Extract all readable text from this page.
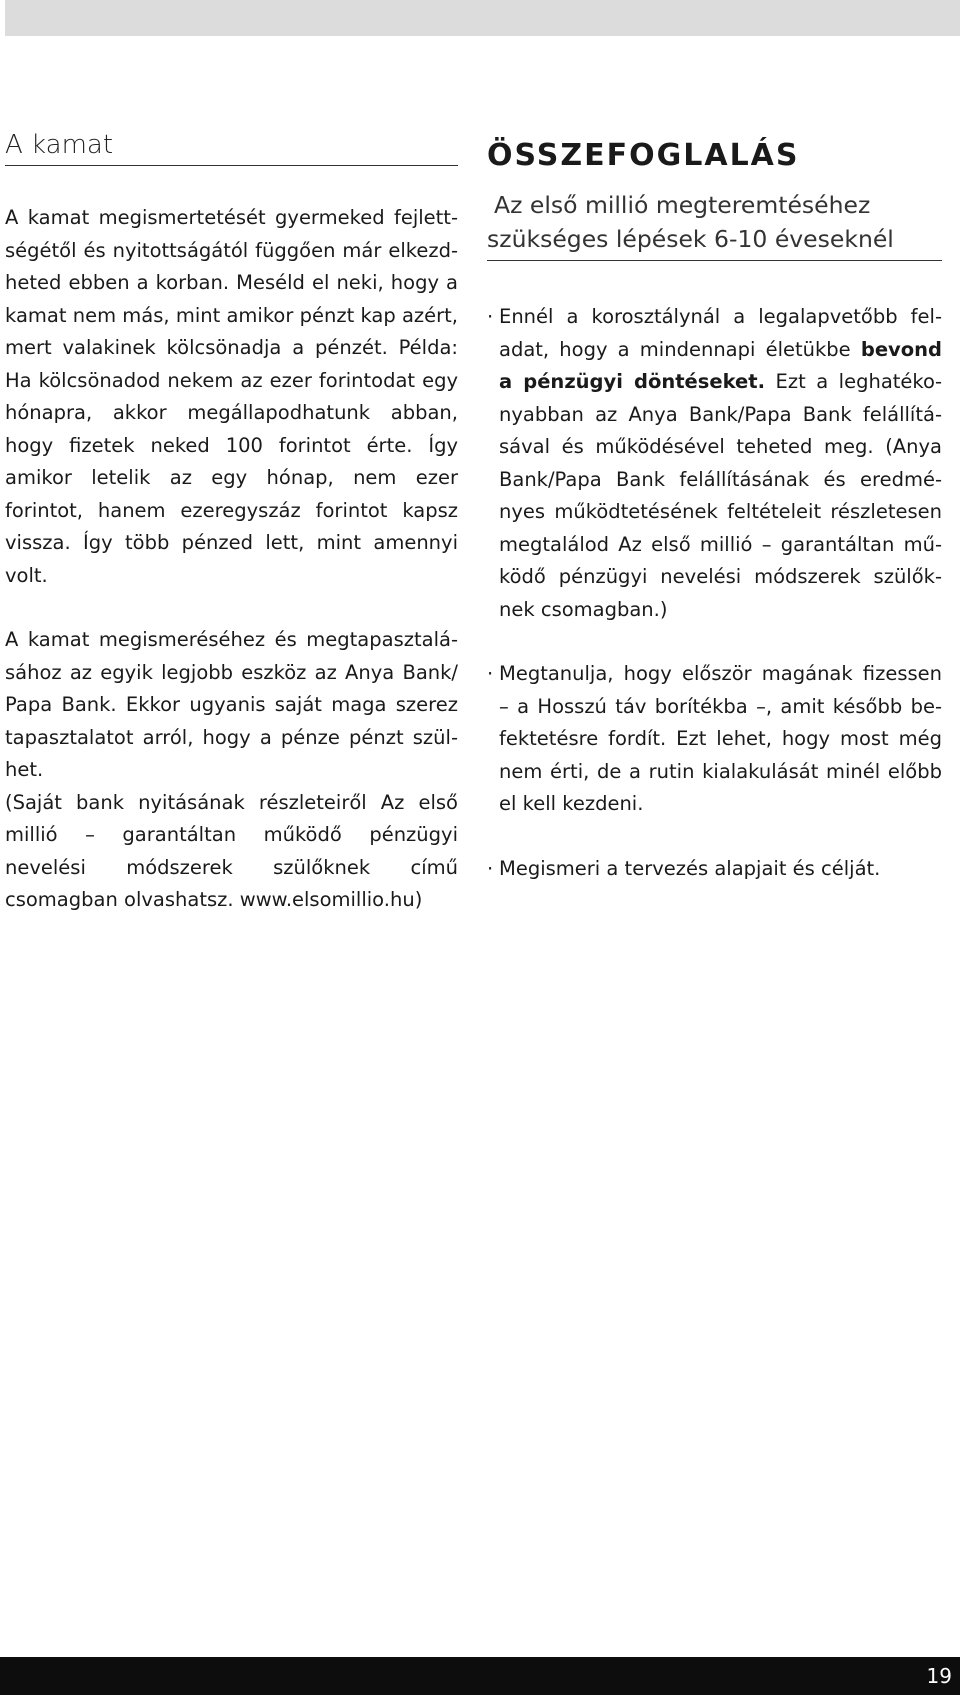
A kamat

A kamat megismertetését gyermeked fejlettségétől és nyitottságától függően már elkezdheted ebben a korban. Meséld el neki, hogy a kamat nem más, mint amikor pénzt kap azért, mert valakinek kölcsönadja a pénzét. Példa: Ha kölcsönadod nekem az ezer forintodat egy hónapra, akkor megállapodhatunk abban, hogy fizetek neked 100 forintot érte. Így amikor letelik az egy hónap, nem ezer forintot, hanem ezeregyszáz forintot kapsz vissza. Így több pénzed lett, mint amennyi volt.

A kamat megismeréséhez és megtapasztalásához az egyik legjobb eszköz az Anya Bank/ Papa Bank. Ekkor ugyanis saját maga szerez tapasztalatot arról, hogy a pénze pénzt szülhet.

(Saját bank nyitásának részleteiről Az első millió – garantáltan működő pénzügyi nevelési módszerek szülőknek című csomagban olvashatsz. www.elsomillio.hu)

ÖSSZEFOGLALÁS
Az első millió megteremtéséhez
szükséges lépések 6-10 éveseknél
· Ennél a korosztálynál a legalapvetőbb feladat, hogy a mindennapi életükbe bevond a pénzügyi döntéseket. Ezt a leghatékonyabban az Anya Bank/Papa Bank felállításával és működésével teheted meg. (Anya Bank/Papa Bank felállításának és eredményes működtetésének feltételeit részletesen megtalálod Az első millió – garantáltan működő pénzügyi nevelési módszerek szülőknek csomagban.)

· Megtanulja, hogy először magának fizessen – a Hosszú táv borítékba –, amit később befektetésre fordít. Ezt lehet, hogy most még nem érti, de a rutin kialakulását minél előbb el kell kezdeni.

· Megismeri a tervezés alapjait és célját.

19
